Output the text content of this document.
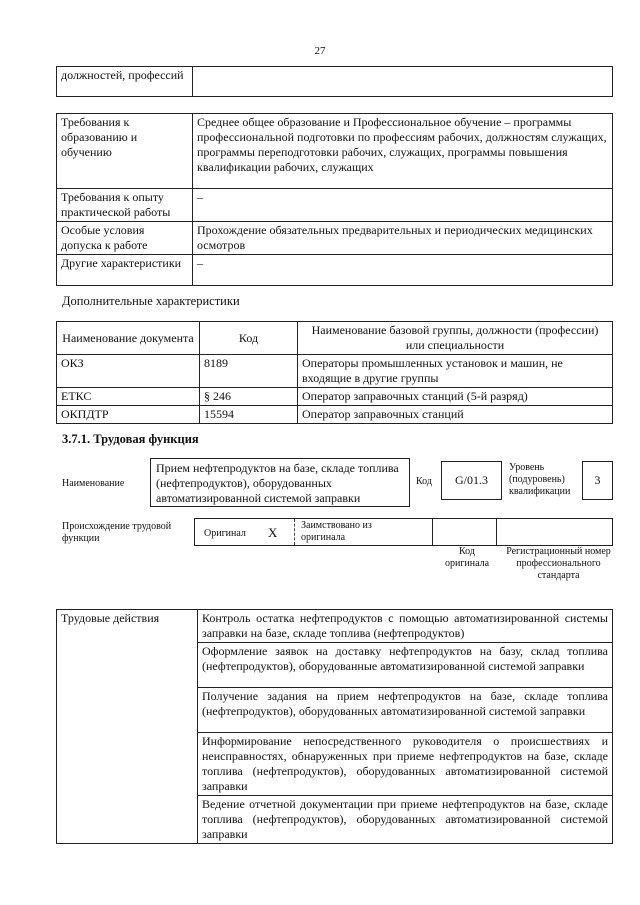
27
должностей, профессий	
Требования к образованию и обучению	Среднее общее образование и Профессиональное обучение – программы профессиональной подготовки по профессиям рабочих, должностям служащих, программы переподготовки рабочих, служащих, программы повышения квалификации рабочих, служащих
Требования к опыту практической работы	–
Особые условия допуска к работе	Прохождение обязательных предварительных и периодических медицинских осмотров
Другие характеристики	–
Дополнительные характеристики
Наименование документа	Код	Наименование базовой группы, должности (профессии) или специальности
ОКЗ	8189	Операторы промышленных установок и машин, не входящие в другие группы
ЕТКС	§ 246	Оператор заправочных станций (5-й разряд)
ОКПДТР	15594	Оператор заправочных станций
3.7.1. Трудовая функция
Наименование
Прием нефтепродуктов на базе, складе топлива (нефтепродуктов), оборудованных автоматизированной системой заправки
Код	G/01.3
Уровень (подуровень) квалификации
3
Происхождение трудовой функции	Оригинал X Заимствовано из оригинала
Код оригинала
Регистрационный номер профессионального стандарта
Трудовые действия	Контроль остатка нефтепродуктов с помощью автоматизированной системы заправки на базе, складе топлива (нефтепродуктов)
Оформление заявок на доставку нефтепродуктов на базу, склад топлива (нефтепродуктов), оборудованные автоматизированной системой заправки
Получение задания на прием нефтепродуктов на базе, складе топлива (нефтепродуктов), оборудованных автоматизированной системой заправки
Информирование непосредственного руководителя о происшествиях и неисправностях, обнаруженных при приеме нефтепродуктов на базе, складе топлива (нефтепродуктов), оборудованных автоматизированной системой заправки
Ведение отчетной документации при приеме нефтепродуктов на базе, складе топлива (нефтепродуктов), оборудованных автоматизированной системой заправки
